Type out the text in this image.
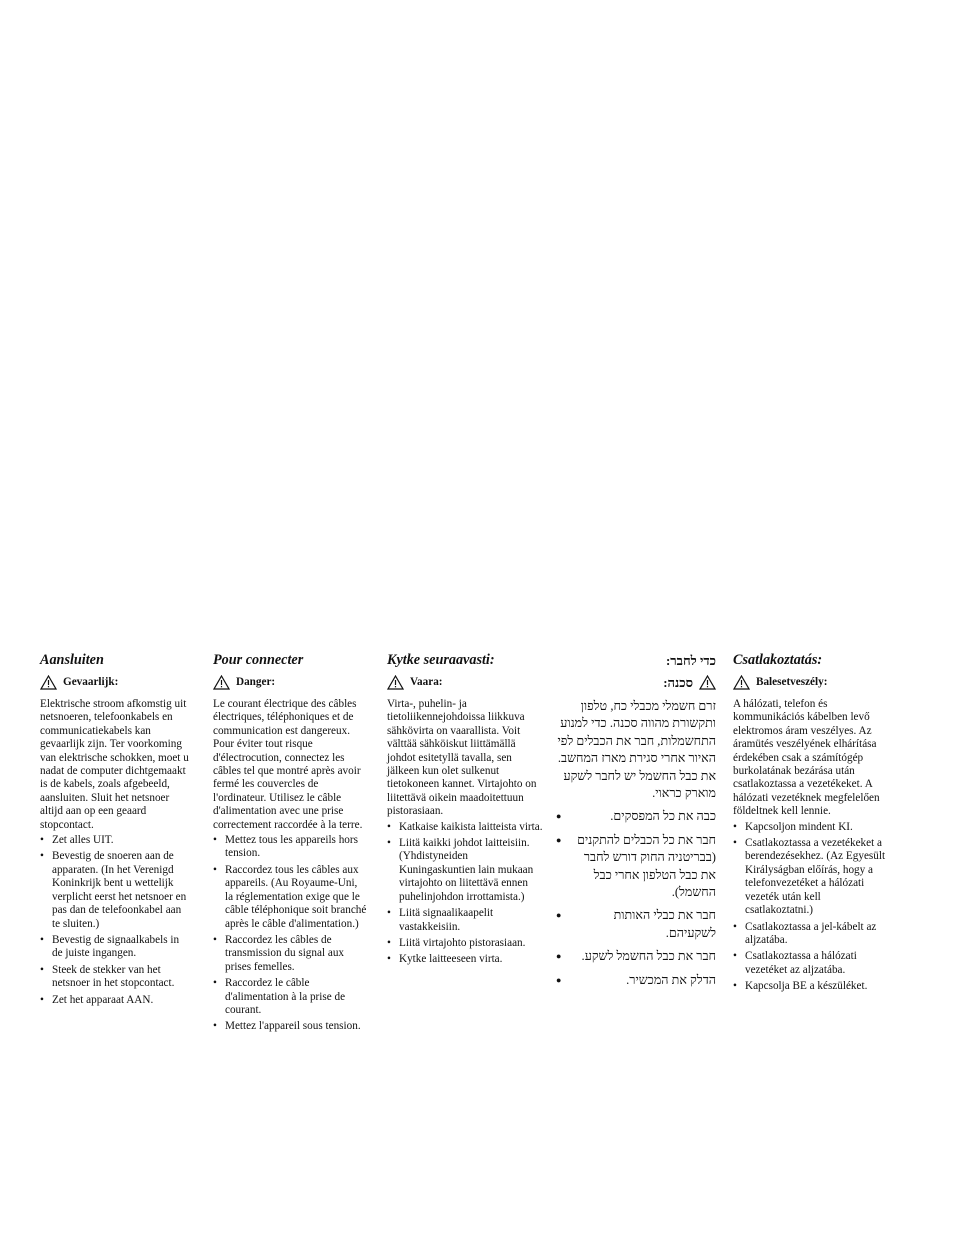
Aansluiten
Gevaarlijk:
Elektrische stroom afkomstig uit netsnoeren, telefoonkabels en communicatiekabels kan gevaarlijk zijn. Ter voorkoming van elektrische schokken, moet u nadat de computer dichtgemaakt is de kabels, zoals afgebeeld, aansluiten. Sluit het netsnoer altijd aan op een geaard stopcontact.
• Zet alles UIT.
• Bevestig de snoeren aan de apparaten. (In het Verenigd Koninkrijk bent u wettelijk verplicht eerst het netsnoer en pas dan de telefoonkabel aan te sluiten.)
• Bevestig de signaalkabels in de juiste ingangen.
• Steek de stekker van het netsnoer in het stopcontact.
• Zet het apparaat AAN.
Pour connecter
Danger:
Le courant électrique des câbles électriques, téléphoniques et de communication est dangereux. Pour éviter tout risque d'électrocution, connectez les câbles tel que montré après avoir fermé les couvercles de l'ordinateur. Utilisez le câble d'alimentation avec une prise correctement raccordée à la terre.
• Mettez tous les appareils hors tension.
• Raccordez tous les câbles aux appareils. (Au Royaume-Uni, la réglementation exige que le câble téléphonique soit branché après le câble d'alimentation.)
• Raccordez les câbles de transmission du signal aux prises femelles.
• Raccordez le câble d'alimentation à la prise de courant.
• Mettez l'appareil sous tension.
Kytke seuraavasti:
Vaara:
Virta-, puhelin- ja tietoliikennejohdoissa liikkuva sähkövirta on vaarallista. Voit välttää sähköiskut liittämällä johdot esitetyllä tavalla, sen jälkeen kun olet sulkenut tietokoneen kannet. Virtajohto on liitettävä oikein maadoitettuun pistorasiaan.
• Katkaise kaikista laitteista virta.
• Liitä kaikki johdot laitteisiin. (Yhdistyneiden Kuningaskuntien lain mukaan virtajohto on liitettävä ennen puhelinjohdon irrottamista.)
• Liitä signaalikaapelit vastakkeisiin.
• Liitä virtajohto pistorasiaan.
• Kytke laitteeseen virta.
כדי לחבר:
סכנה:
זרם חשמלי מכבלי כח, טלפון ותקשורת מהווה סכנה. כדי למנוע התחשמלות, חבר את הכבלים לפי האיור אחרי סגירת מארז המחשב. את כבל החשמל יש לחבר לשקע מוארק כראוי.
● כבה את כל המפסקים.
● חבר את כל הכבלים להתקנים (בבריטניה החוק דורש לחבר את כבל הטלפון אחרי כבל החשמל).
● חבר את כבלי האותות לשקעיהם.
● חבר את כבל החשמל לשקע.
● הדלק את המכשיר.
Csatlakoztatás:
Balesetveszély:
A hálózati, telefon és kommunikációs kábelben levő elektromos áram veszélyes. Az áramütés veszélyének elhárítása érdekében csak a számítógép burkolatának bezárása után csatlakoztassa a vezetékeket. A hálózati vezetéknek megfelelően földeltnek kell lennie.
• Kapcsoljon mindent KI.
• Csatlakoztassa a vezetékeket a berendezésekhez. (Az Egyesült Királyságban előírás, hogy a telefonvezetéket a hálózati vezeték után kell csatlakoztatni.)
• Csatlakoztassa a jel-kábelt az aljzatába.
• Csatlakoztassa a hálózati vezetéket az aljzatába.
• Kapcsolja BE a készüléket.
